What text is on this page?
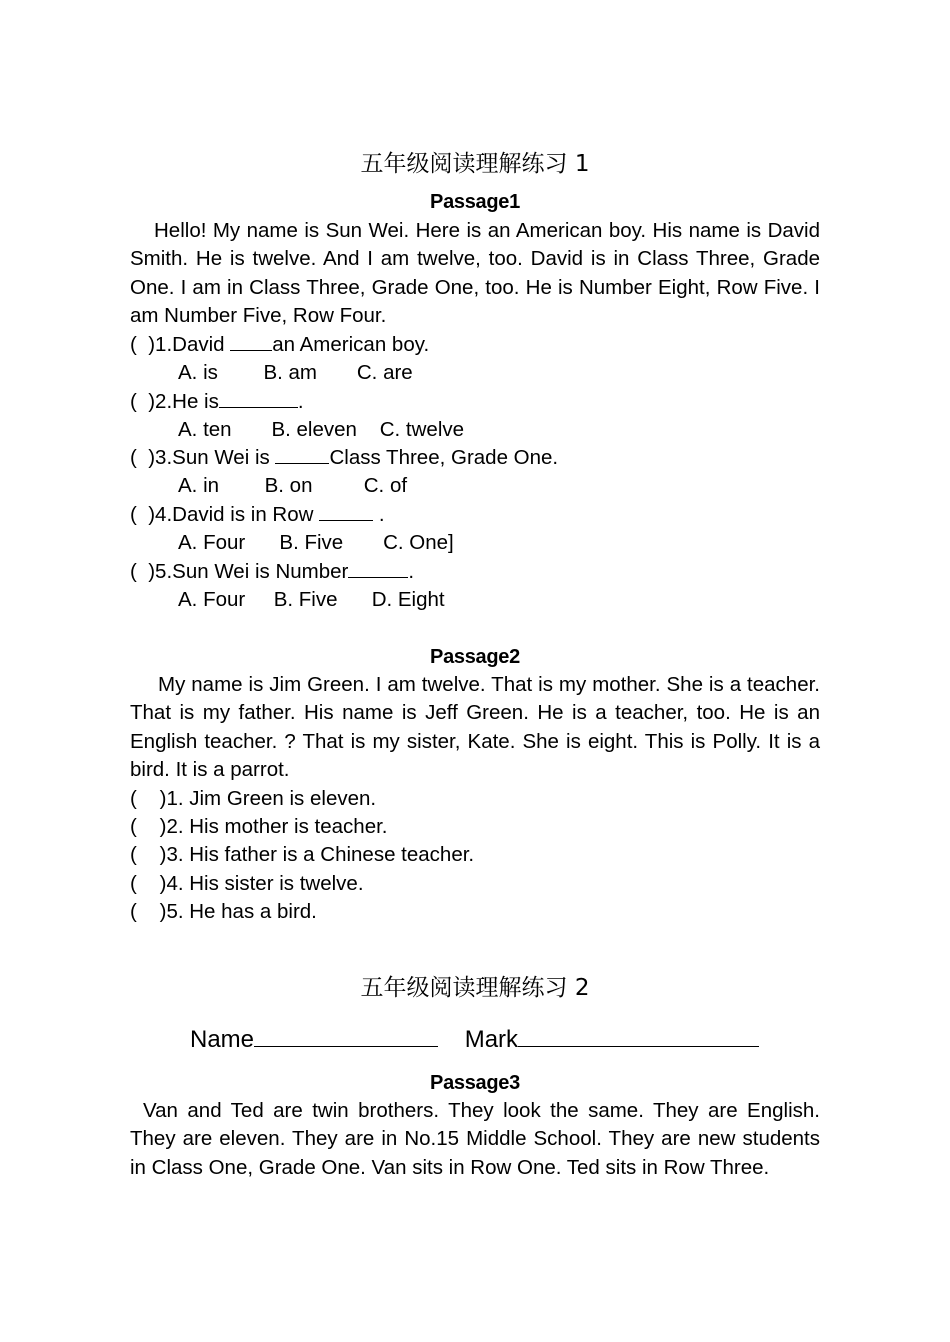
五年级阅读理解练习 1
Passage1

Hello! My name is Sun Wei. Here is an American boy. His name is David Smith. He is twelve. And I am twelve, too. David is in Class Three, Grade One. I am in Class Three, Grade One, too. He is Number Eight, Row Five. I am Number Five, Row Four.

( )1.David an American boy.
A. is B. am C. are
( )2.He is	.
A. ten B. eleven C. twelve
( )3.Sun Wei is	Class Three, Grade One.
A. in B. on	C. of
( )4.David is in Row	.
A. Four B. Five C. One]
( )5.Sun Wei is Number	.
A. Four B. Five D. Eight
Passage2

My name is Jim Green. I am twelve. That is my mother. She is a teacher. That is my father. His name is Jeff Green. He is a teacher, too. He is an English teacher. ? That is my sister, Kate. She is eight. This is Polly. It is a bird. It is a parrot.

( )1. Jim Green is eleven.
( )2. His mother is teacher.
( )3. His father is a Chinese teacher.
( )4. His sister is twelve.
( )5. He has a bird.
五年级阅读理解练习 2
Name	Mark
Passage3

Van and Ted are twin brothers. They look the same. They are English. They are eleven. They are in No.15 Middle School. They are new students in Class One, Grade One. Van sits in Row One. Ted sits in Row Three.
